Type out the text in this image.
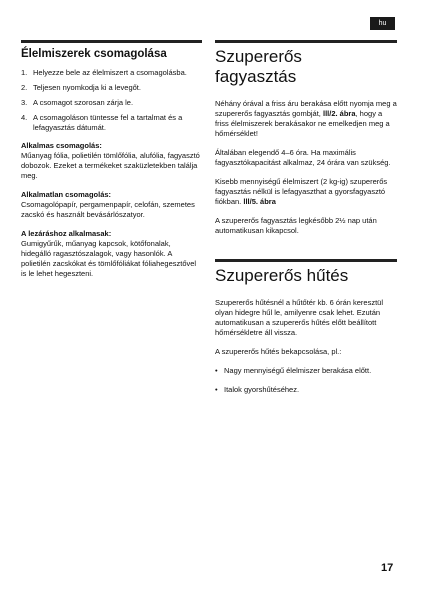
hu
Élelmiszerek csomagolása
1. Helyezze bele az élelmiszert a csomagolásba.
2. Teljesen nyomkodja ki a levegőt.
3. A csomagot szorosan zárja le.
4. A csomagoláson tüntesse fel a tartalmat és a lefagyasztás dátumát.

Alkalmas csomagolás:

Műanyag fólia, polietilén tömlőfólia, alufólia, fagyasztó dobozok. Ezeket a termékeket szaküzletekben találja meg.

Alkalmatlan csomagolás:

Csomagolópapír, pergamenpapír, celofán, szemetes zacskó és használt bevásárlószatyor.

A lezáráshoz alkalmasak:

Gumigyűrűk, műanyag kapcsok, kötőfonalak, hidegálló ragasztószalagok, vagy hasonlók. A polietilén zacskókat és tömlőfóliákat fóliahegesztővel is le lehet hegeszteni.

Szupererős
fagyasztás

Néhány órával a friss áru berakása előtt nyomja meg a szupererős fagyasztás gombját, lll/2. ábra, hogy a friss élelmiszerek berakásakor ne emelkedjen meg a hőmérséklet!

Általában elegendő 4–6 óra. Ha maximális fagyasztókapacitást alkalmaz, 24 órára van szükség.

Kisebb mennyiségű élelmiszert (2 kg-ig) szupererős fagyasztás nélkül is lefagyaszthat a gyorsfagyasztó fiókban. lll/5. ábra

A szupererős fagyasztás legkésőbb 2½ nap után automatikusan kikapcsol.

Szupererős hűtés

Szupererős hűtésnél a hűtőtér kb. 6 órán keresztül olyan hidegre hűl le, amilyenre csak lehet. Ezután automatikusan a szupererős hűtés előtt beállított hőmérsékletre áll vissza.

A szupererős hűtés bekapcsolása, pl.:

• Nagy mennyiségű élelmiszer berakása előtt.
• Italok gyorshűtéséhez.
17
